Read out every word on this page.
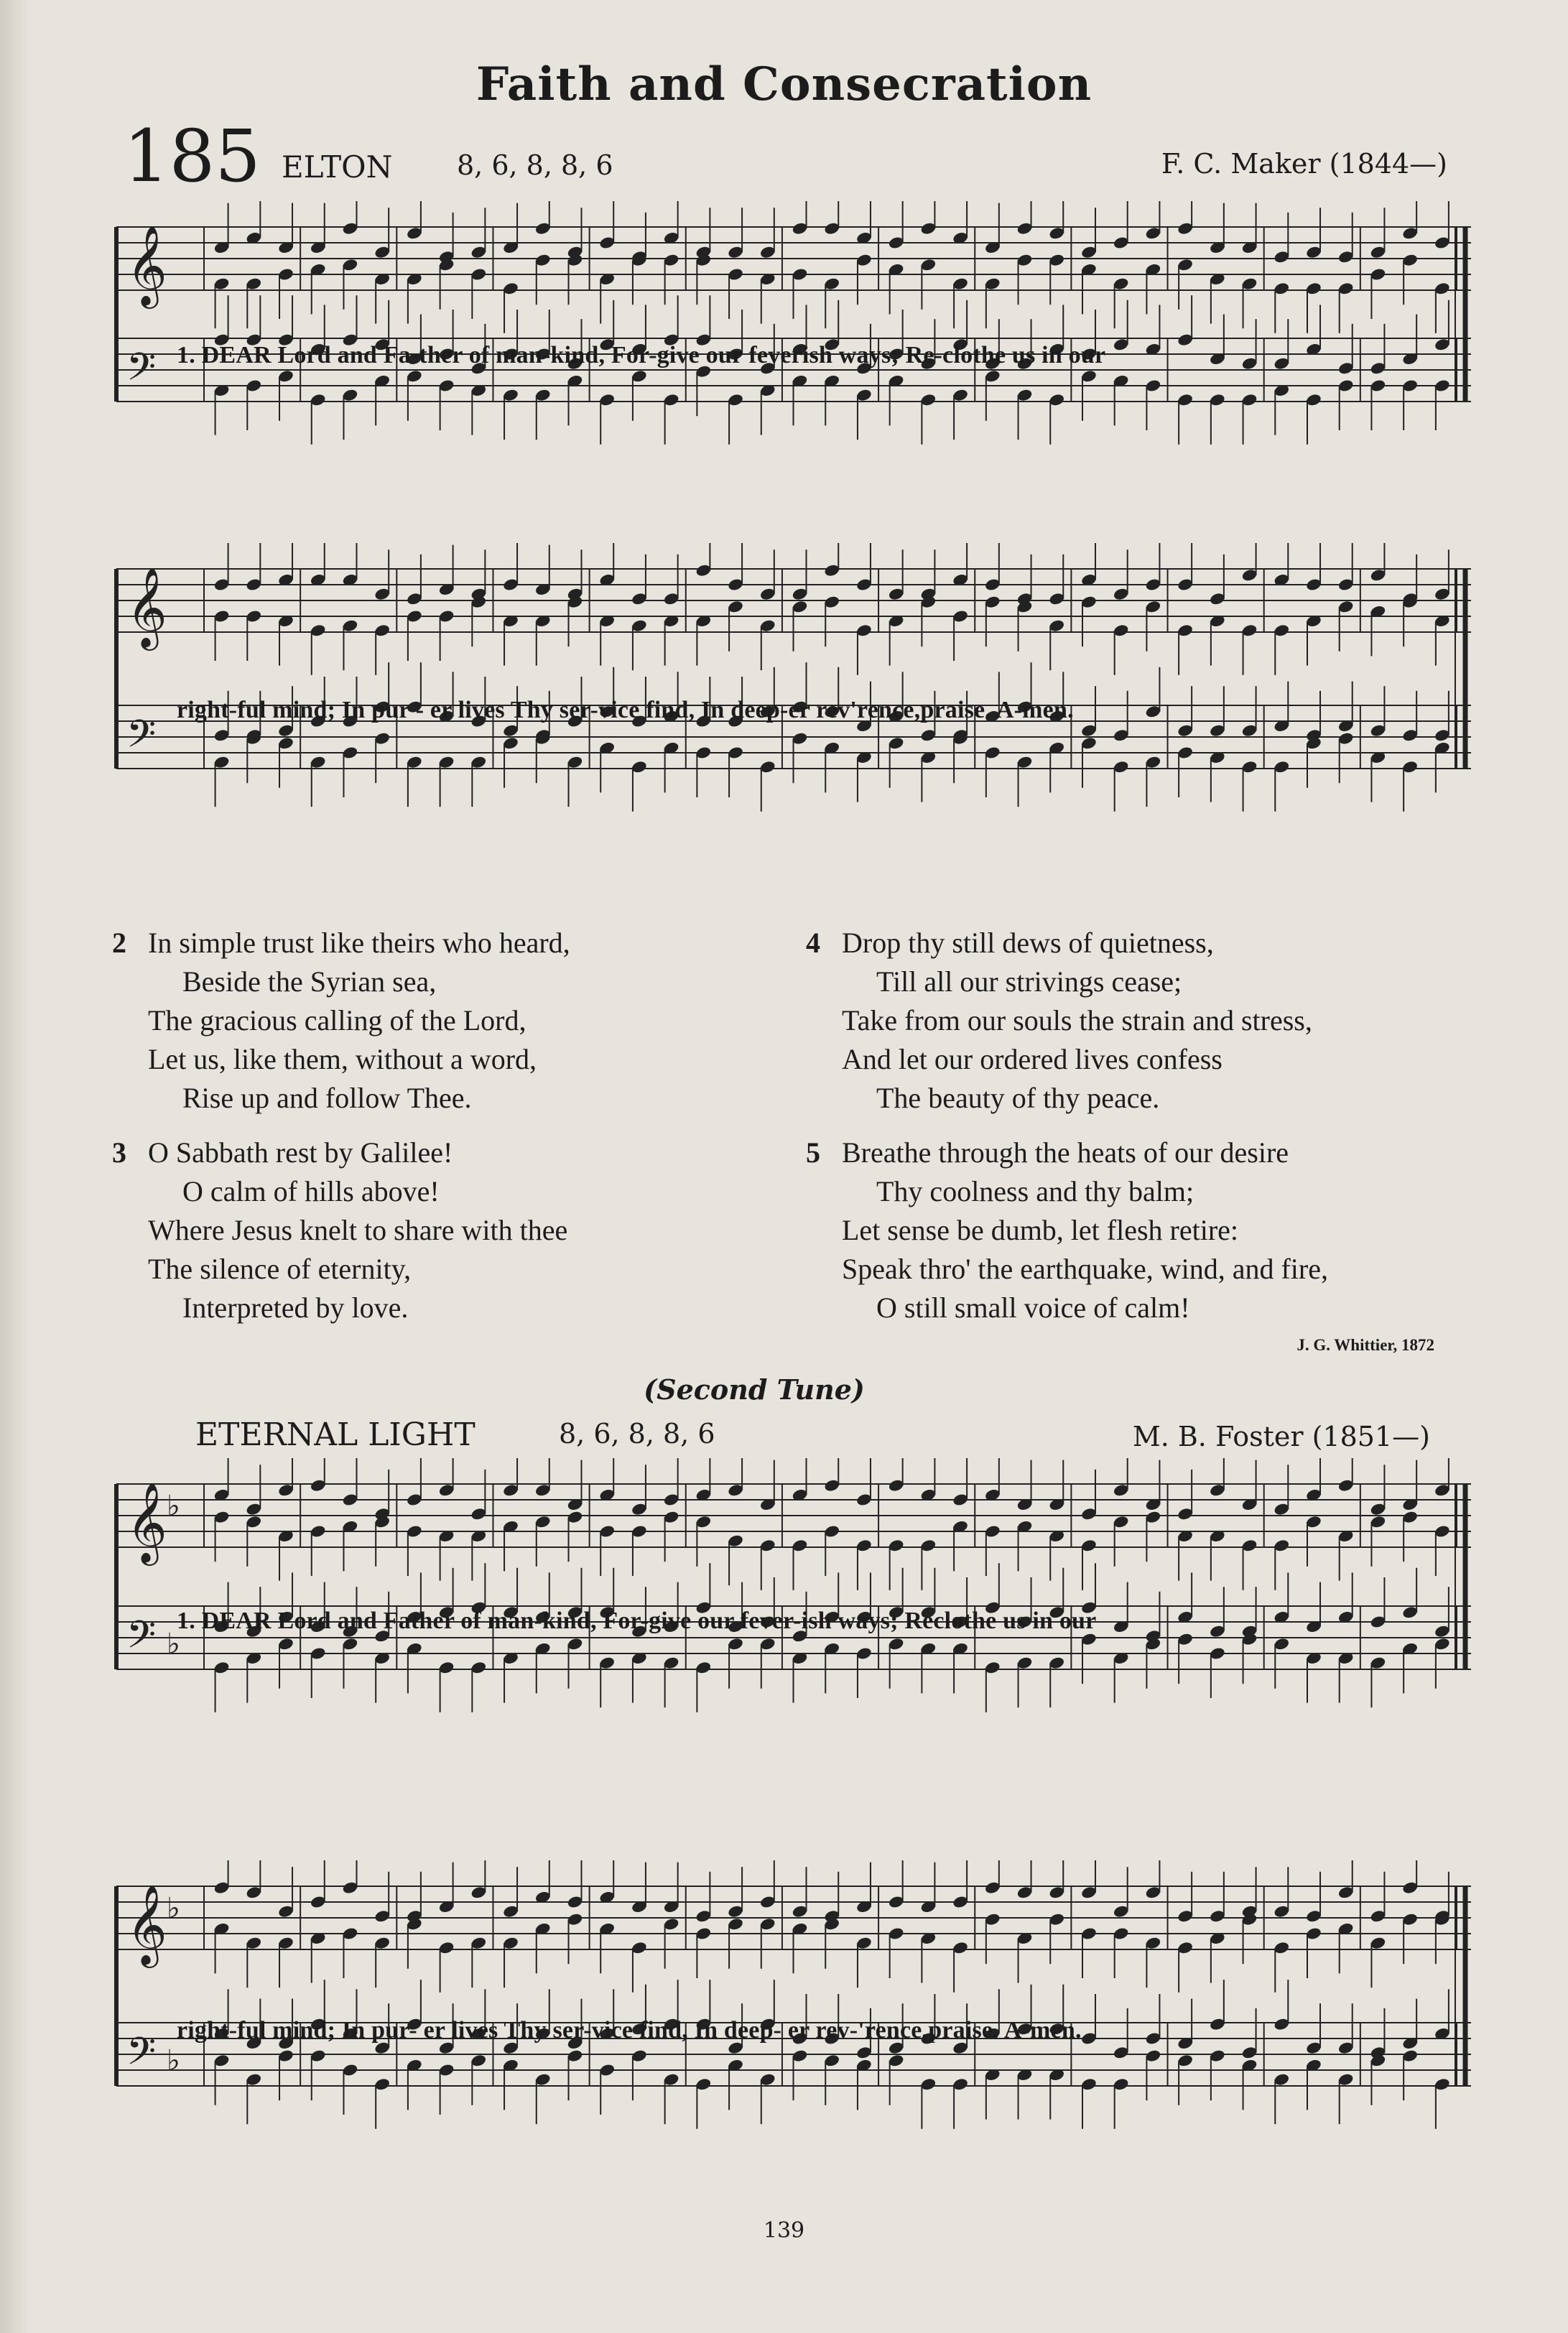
Faith and Consecration
185 ELTON 8, 6, 8, 8, 6	F. C. Maker (1844—)
𝄞
𝄢 1. DEAR Lord and Fa-ther of man-kind, For-give our feverish ways; Re-clothe us in our
𝄞
𝄢
right-ful mind; In pur - er lives Thy ser-vice find, In deep-er rev'rence,praise. A-men.
2 In simple trust like theirs who heard,
Beside the Syrian sea,
The gracious calling of the Lord,
Let us, like them, without a word,
Rise up and follow Thee.
3 O Sabbath rest by Galilee!
O calm of hills above!
Where Jesus knelt to share with thee
The silence of eternity,
Interpreted by love.
4 Drop thy still dews of quietness,
Till all our strivings cease;
Take from our souls the strain and stress,
And let our ordered lives confess
The beauty of thy peace.
5 Breathe through the heats of our desire
Thy coolness and thy balm;
Let sense be dumb, let flesh retire:
Speak thro' the earthquake, wind, and fire,
O still small voice of calm!
J. G. Whittier, 1872
(Second Tune)
ETERNAL LIGHT	8, 6, 8, 8, 6	M. B. Foster (1851—)
𝄞
𝄢
♭
♭
1. DEAR Lord and Father of man-kind, For-give our fever-ish ways; Reclothe us in our
𝄞
𝄢
♭
♭
right-ful mind; In pur- er lives Thy ser-vice find, In deep- er rev-'rence,praise. A-men.
139
